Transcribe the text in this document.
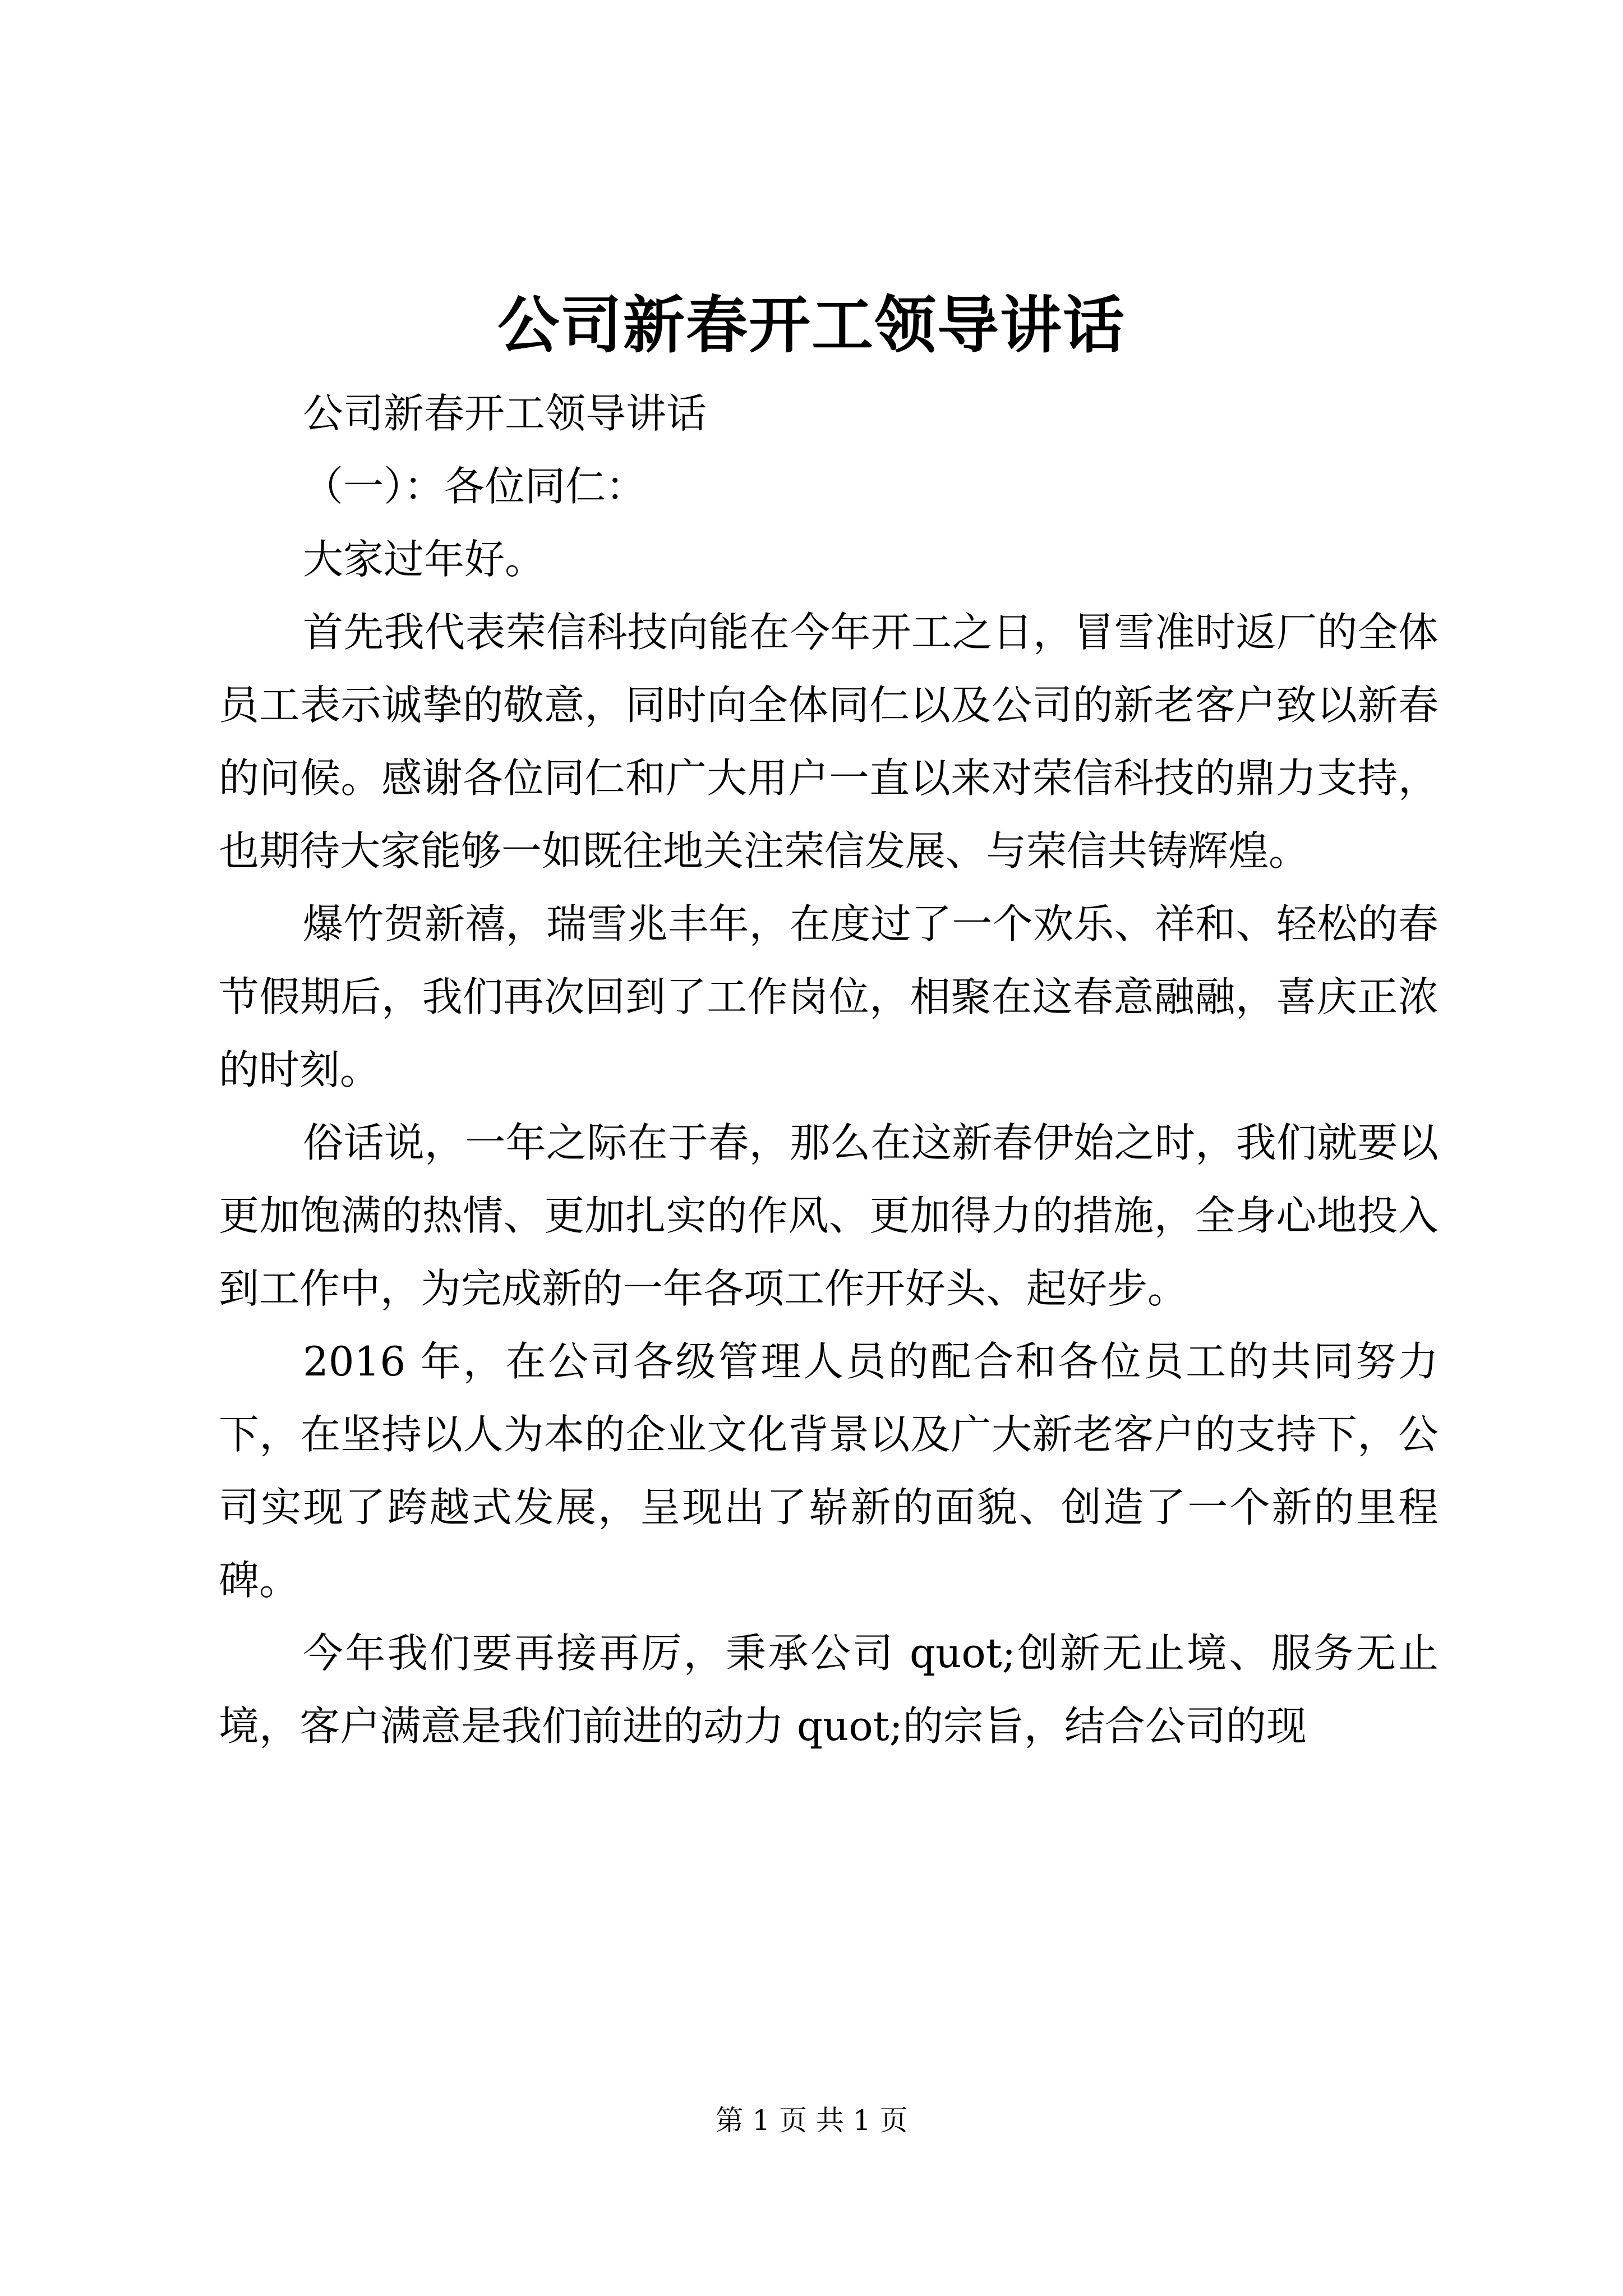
公司新春开工领导讲话

公司新春开工领导讲话

（一）：各位同仁：

大家过年好。

首先我代表荣信科技向能在今年开工之日，冒雪准时返厂的全体员工表示诚挚的敬意，同时向全体同仁以及公司的新老客户致以新春的问候。感谢各位同仁和广大用户一直以来对荣信科技的鼎力支持，也期待大家能够一如既往地关注荣信发展、与荣信共铸辉煌。

爆竹贺新禧，瑞雪兆丰年，在度过了一个欢乐、祥和、轻松的春节假期后，我们再次回到了工作岗位，相聚在这春意融融，喜庆正浓的时刻。

俗话说，一年之际在于春，那么在这新春伊始之时，我们就要以更加饱满的热情、更加扎实的作风、更加得力的措施，全身心地投入到工作中，为完成新的一年各项工作开好头、起好步。

2016 年，在公司各级管理人员的配合和各位员工的共同努力下，在坚持以人为本的企业文化背景以及广大新老客户的支持下，公司实现了跨越式发展，呈现出了崭新的面貌、创造了一个新的里程碑。

今年我们要再接再厉，秉承公司 quot;创新无止境、服务无止境，客户满意是我们前进的动力 quot;的宗旨，结合公司的现

第 1 页 共 1 页
